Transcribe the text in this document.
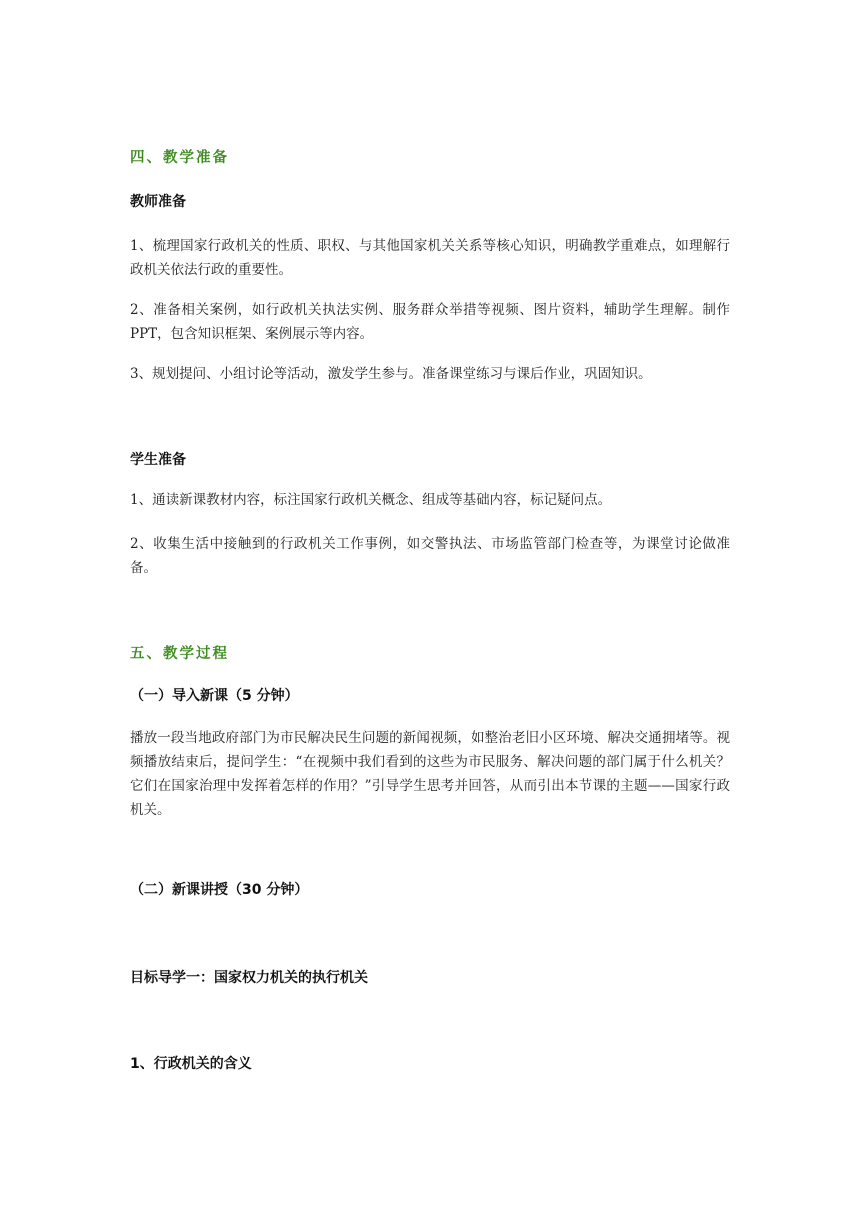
四、教学准备
教师准备
1、梳理国家行政机关的性质、职权、与其他国家机关关系等核心知识，明确教学重难点，如理解行政机关依法行政的重要性。
2、准备相关案例，如行政机关执法实例、服务群众举措等视频、图片资料，辅助学生理解。制作 PPT，包含知识框架、案例展示等内容。
3、规划提问、小组讨论等活动，激发学生参与。准备课堂练习与课后作业，巩固知识。
学生准备
1、通读新课教材内容，标注国家行政机关概念、组成等基础内容，标记疑问点。
2、收集生活中接触到的行政机关工作事例，如交警执法、市场监管部门检查等，为课堂讨论做准备。
五、教学过程
（一）导入新课（5 分钟）
播放一段当地政府部门为市民解决民生问题的新闻视频，如整治老旧小区环境、解决交通拥堵等。视频播放结束后，提问学生：“在视频中我们看到的这些为市民服务、解决问题的部门属于什么机关？它们在国家治理中发挥着怎样的作用？”引导学生思考并回答，从而引出本节课的主题——国家行政机关。
（二）新课讲授（30 分钟）
目标导学一：国家权力机关的执行机关
1、行政机关的含义
